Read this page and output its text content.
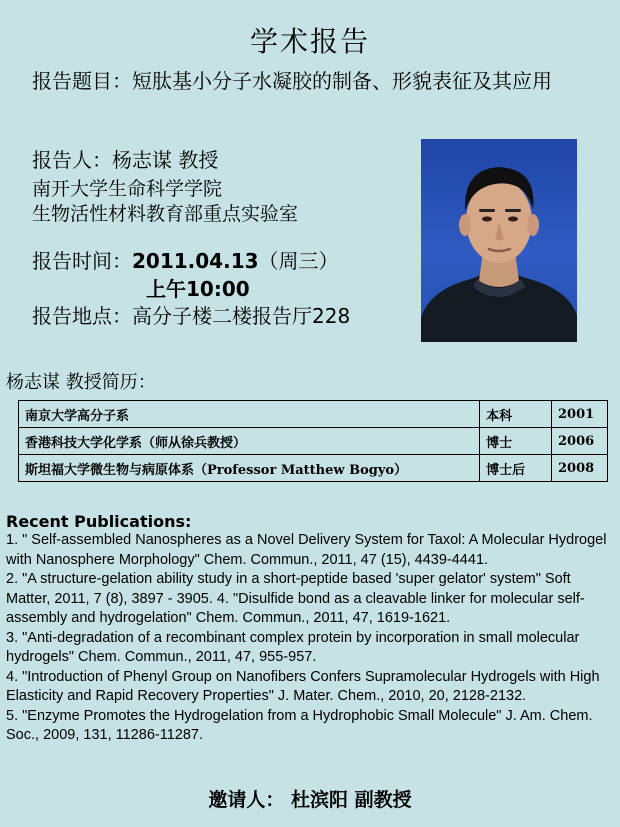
学术报告
报告题目：短肽基小分子水凝胶的制备、形貌表征及其应用
报告人：杨志谋 教授
南开大学生命科学学院
生物活性材料教育部重点实验室
报告时间：2011.04.13（周三）
上午10:00
报告地点：高分子楼二楼报告厅228
杨志谋 教授简历：
南京大学高分子系	本科	2001
香港科技大学化学系（师从徐兵教授）	博士	2006
斯坦福大学微生物与病原体系（Professor Matthew Bogyo）	博士后	2008
Recent Publications:
1. " Self-assembled Nanospheres as a Novel Delivery System for Taxol: A Molecular Hydrogel with Nanosphere Morphology" Chem. Commun., 2011, 47 (15), 4439-4441.
2. "A structure-gelation ability study in a short-peptide based 'super gelator' system" Soft Matter, 2011, 7 (8), 3897 - 3905. 4. "Disulfide bond as a cleavable linker for molecular self-assembly and hydrogelation" Chem. Commun., 2011, 47, 1619-1621.
3. "Anti-degradation of a recombinant complex protein by incorporation in small molecular hydrogels" Chem. Commun., 2011, 47, 955-957.
4. "Introduction of Phenyl Group on Nanofibers Confers Supramolecular Hydrogels with High Elasticity and Rapid Recovery Properties" J. Mater. Chem., 2010, 20, 2128-2132.
5. "Enzyme Promotes the Hydrogelation from a Hydrophobic Small Molecule" J. Am. Chem. Soc., 2009, 131, 11286-11287.
邀请人： 杜滨阳 副教授
